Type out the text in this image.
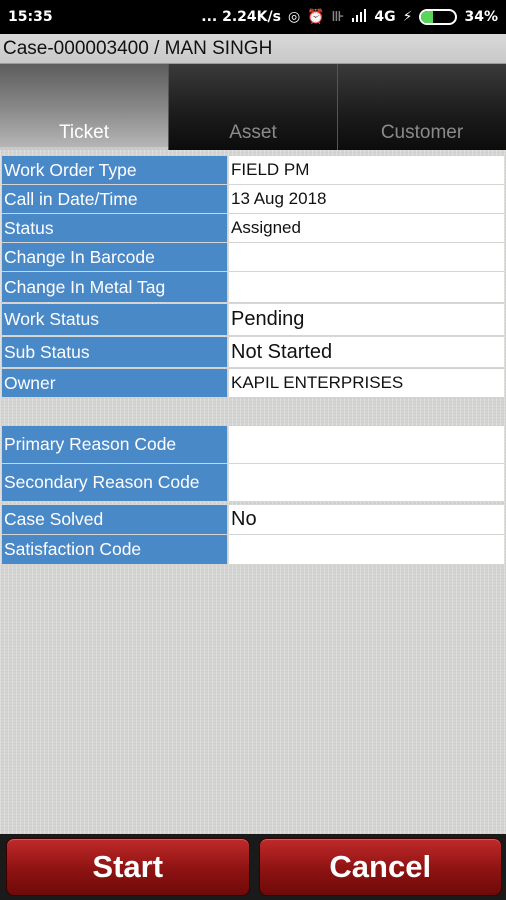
15:35	... 2.24K/s ◎ ⏰ ⊪ 4G ⚡	34%
Case-000003400 / MAN SINGH
Ticket	Asset	Customer
Work Order Type	FIELD PM
Call in Date/Time	13 Aug 2018
Status	Assigned
Change In Barcode
Change In Metal Tag
Work Status	Pending
Sub Status	Not Started
Owner	KAPIL ENTERPRISES
Primary Reason Code
Secondary Reason Code
Case Solved	No
Satisfaction Code
Start	Cancel
